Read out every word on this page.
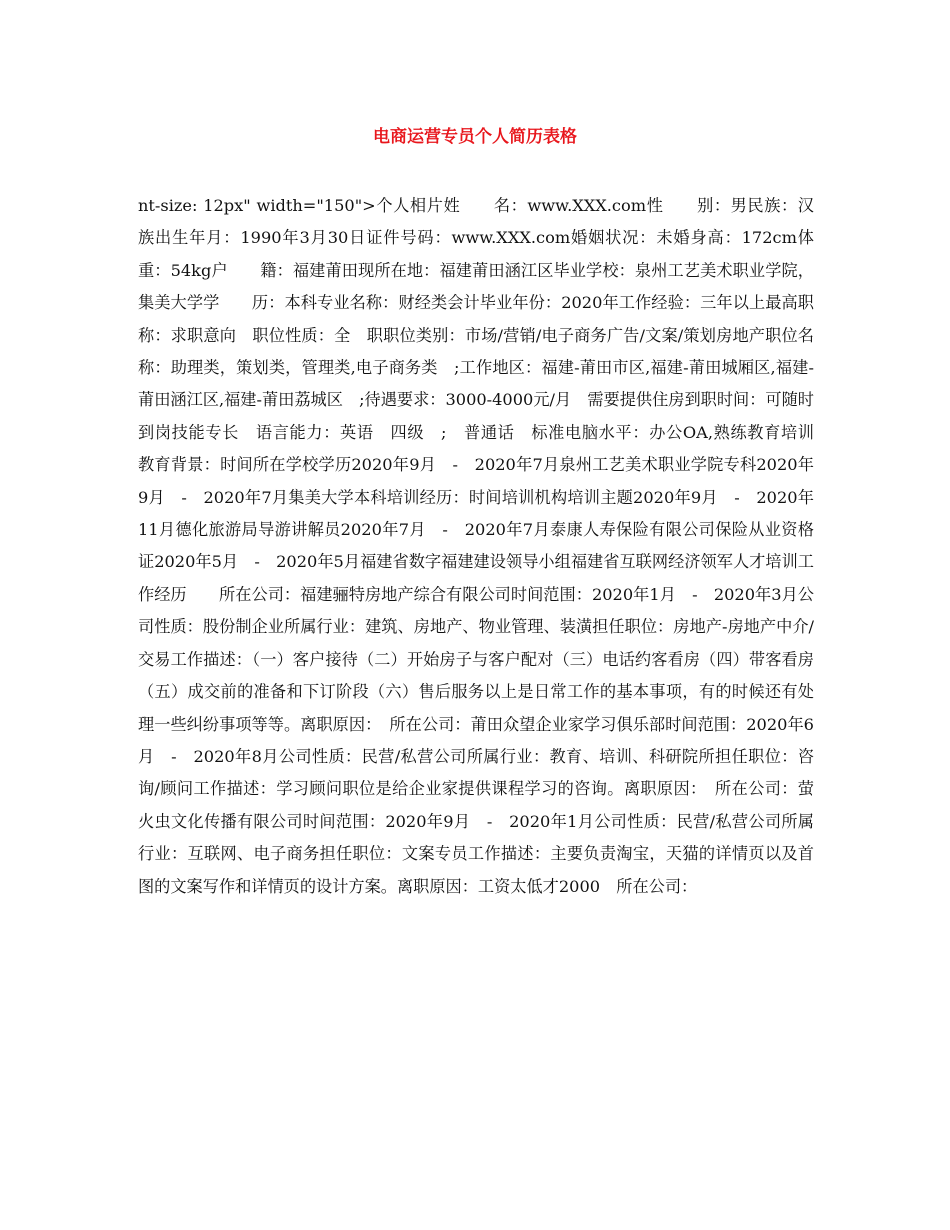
电商运营专员个人简历表格

nt-size: 12px" width="150">个人相片姓　　名：www.XXX.com性　　别：男民族：汉族出生年月：1990年3月30日证件号码：www.XXX.com婚姻状况：未婚身高：172cm体　　重：54kg户　　籍：福建莆田现所在地：福建莆田涵江区毕业学校：泉州工艺美术职业学院，集美大学学　　历：本科专业名称：财经类会计毕业年份：2020年工作经验：三年以上最高职称：求职意向　职位性质：全　职职位类别：市场/营销/电子商务广告/文案/策划房地产职位名称：助理类，策划类，管理类,电子商务类　;工作地区：福建-莆田市区,福建-莆田城厢区,福建-莆田涵江区,福建-莆田荔城区　;待遇要求：3000-4000元/月　需要提供住房到职时间：可随时到岗技能专长　语言能力：英语　四级　;　普通话　标准电脑水平：办公OA,熟练教育培训　教育背景：时间所在学校学历2020年9月　-　2020年7月泉州工艺美术职业学院专科2020年9月　-　2020年7月集美大学本科培训经历：时间培训机构培训主题2020年9月　-　2020年11月德化旅游局导游讲解员2020年7月　-　2020年7月泰康人寿保险有限公司保险从业资格证2020年5月　-　2020年5月福建省数字福建建设领导小组福建省互联网经济领军人才培训工作经历　　所在公司：福建骊特房地产综合有限公司时间范围：2020年1月　-　2020年3月公司性质：股份制企业所属行业：建筑、房地产、物业管理、装潢担任职位：房地产-房地产中介/交易工作描述：（一）客户接待（二）开始房子与客户配对（三）电话约客看房（四）带客看房（五）成交前的准备和下订阶段（六）售后服务以上是日常工作的基本事项，有的时候还有处理一些纠纷事项等等。离职原因：　所在公司：莆田众望企业家学习俱乐部时间范围：2020年6月　-　2020年8月公司性质：民营/私营公司所属行业：教育、培训、科研院所担任职位：咨询/顾问工作描述：学习顾问职位是给企业家提供课程学习的咨询。离职原因：　所在公司：萤火虫文化传播有限公司时间范围：2020年9月　-　2020年1月公司性质：民营/私营公司所属行业：互联网、电子商务担任职位：文案专员工作描述：主要负责淘宝，天猫的详情页以及首图的文案写作和详情页的设计方案。离职原因：工资太低才2000　所在公司：
